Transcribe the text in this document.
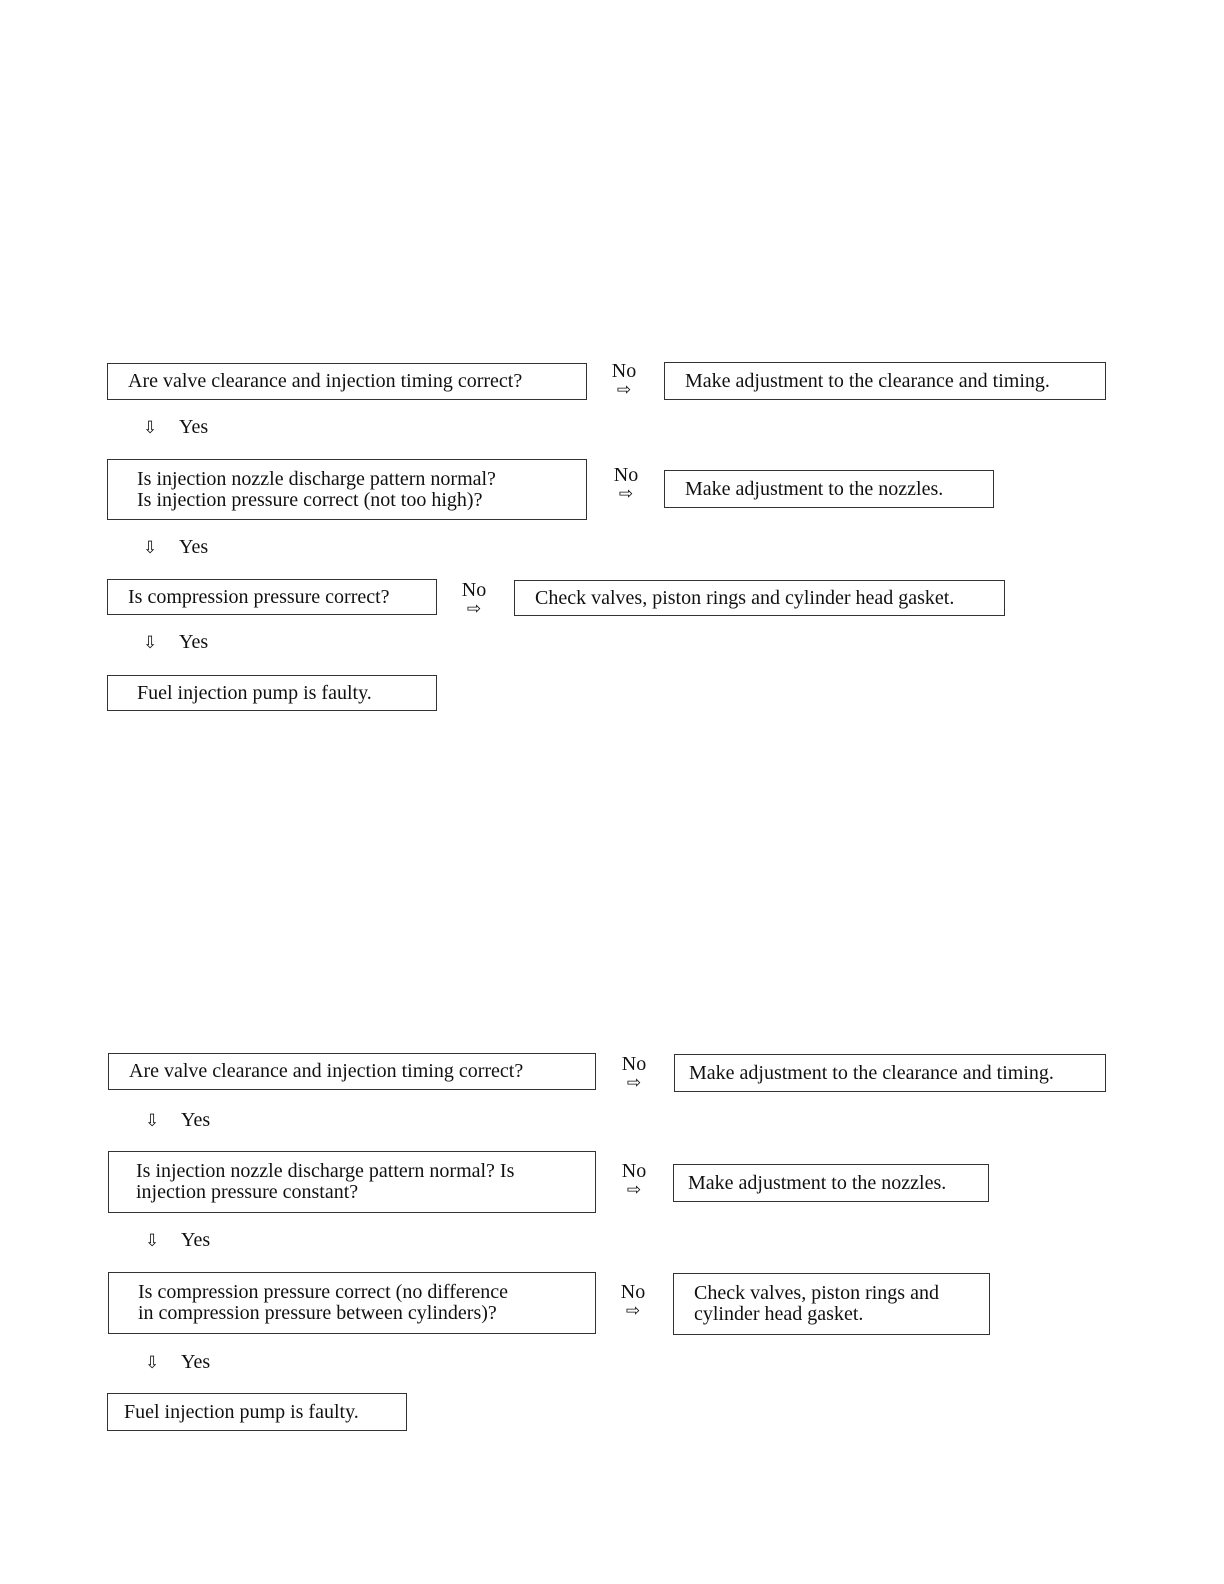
Are valve clearance and injection timing correct?	No
⇨	Make adjustment to the clearance and timing.
⇩ Yes
Is injection nozzle discharge pattern normal?
Is injection pressure correct (not too high)?
No
⇨	Make adjustment to the nozzles.
⇩ Yes
Is compression pressure correct?	No
⇨
Check valves, piston rings and cylinder head gasket.
⇩ Yes
Fuel injection pump is faulty.
Are valve clearance and injection timing correct?	No
⇨	Make adjustment to the clearance and timing.
⇩ Yes
Is injection nozzle discharge pattern normal? Is
injection pressure constant?
No
⇨	Make adjustment to the nozzles.
⇩ Yes
Is compression pressure correct (no difference
in compression pressure between cylinders)?
No
⇨
Check valves, piston rings and
cylinder head gasket.
⇩ Yes
Fuel injection pump is faulty.
